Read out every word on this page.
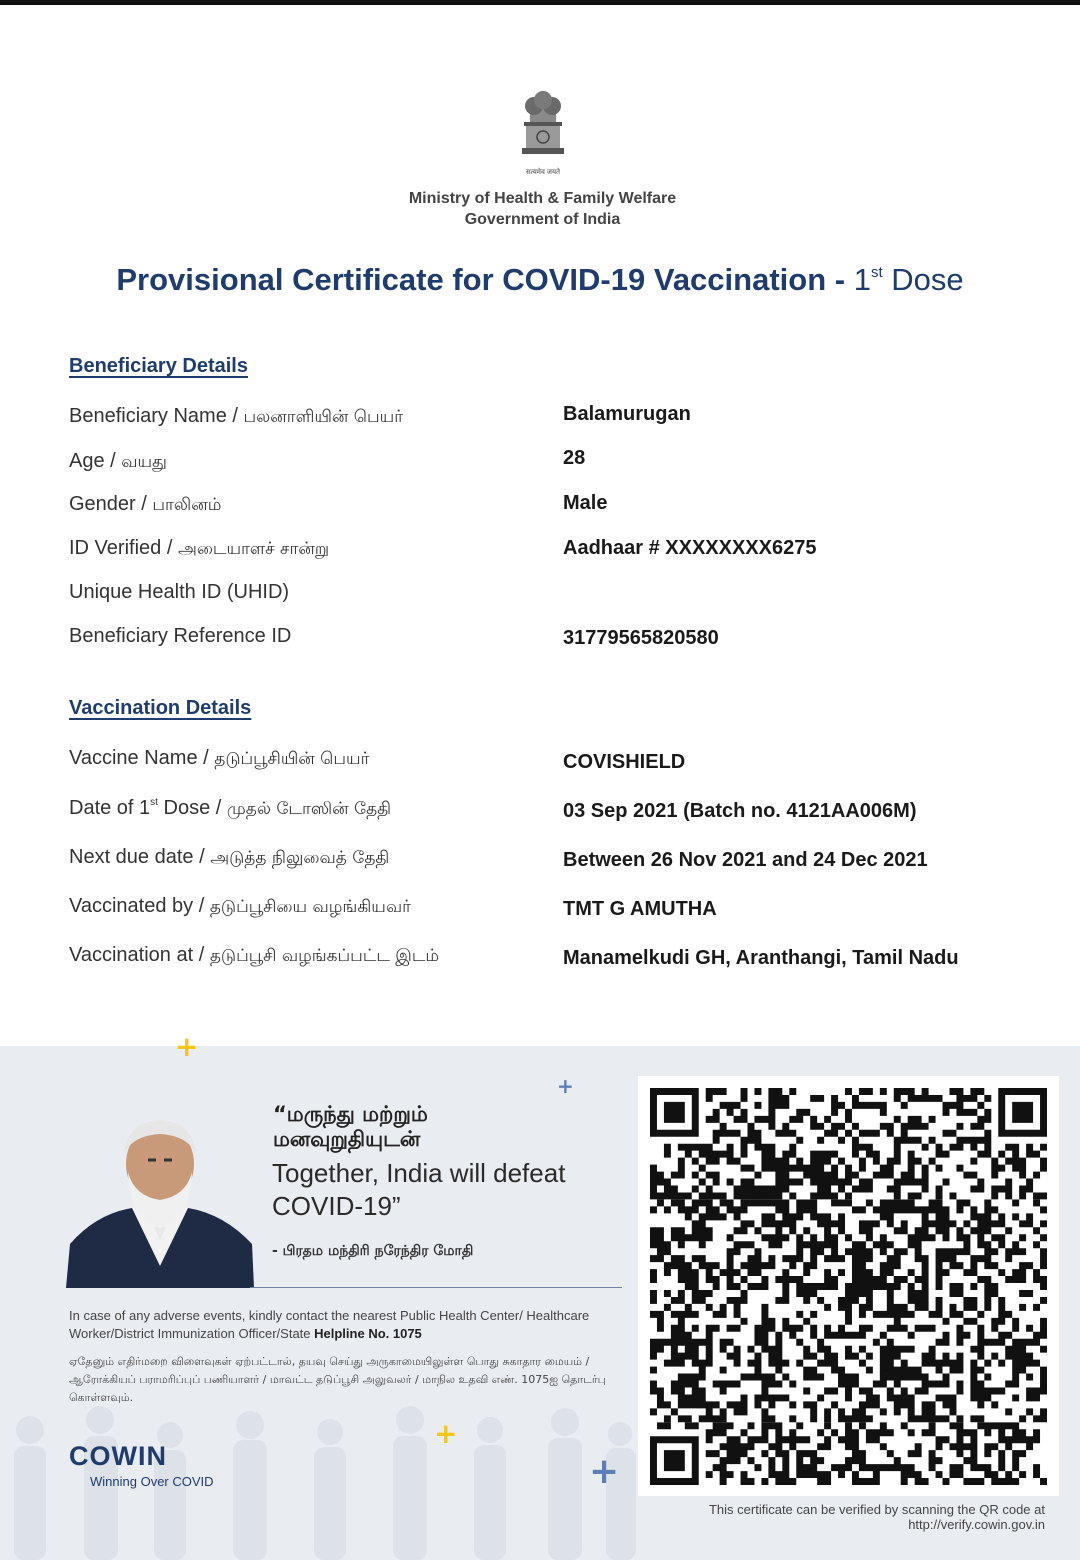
सत्यमेव जयते
Ministry of Health & Family Welfare
Government of India
Provisional Certificate for COVID-19 Vaccination - 1st Dose
Beneficiary Details
Beneficiary Name / பலனாளியின் பெயர்	Balamurugan
Age / வயது	28
Gender / பாலினம்	Male
ID Verified / அடையாளச் சான்று	Aadhaar # XXXXXXXX6275
Unique Health ID (UHID)
Beneficiary Reference ID	31779565820580
Vaccination Details
Vaccine Name / தடுப்பூசியின் பெயர்	COVISHIELD
Date of 1st Dose / முதல் டோஸின் தேதி	03 Sep 2021 (Batch no. 4121AA006M)
Next due date / அடுத்த நிலுவைத் தேதி	Between 26 Nov 2021 and 24 Dec 2021
Vaccinated by / தடுப்பூசியை வழங்கியவர்	TMT G AMUTHA
Vaccination at / தடுப்பூசி வழங்கப்பட்ட இடம்	Manamelkudi GH, Aranthangi, Tamil Nadu
+
+
+
+
“மருந்து மற்றும்
மனவுறுதியுடன்
Together, India will defeat
COVID-19”
- பிரதம மந்திரி நரேந்திர மோதி
In case of any adverse events, kindly contact the nearest Public Health Center/ Healthcare Worker/District Immunization Officer/State Helpline No. 1075
ஏதேனும் எதிர்மறை விளைவுகள் ஏற்பட்டால், தயவு செய்து அருகாமையிலுள்ள பொது சுகாதார மையம் / ஆரோக்கியப் பராமரிப்புப் பணியாளர் / மாவட்ட தடுப்பூசி அலுவலர் / மாநில உதவி எண். 1075ஐ தொடர்பு கொள்ளவும்.
COWIN
Winning Over COVID
This certificate can be verified by scanning the QR code at
http://verify.cowin.gov.in
